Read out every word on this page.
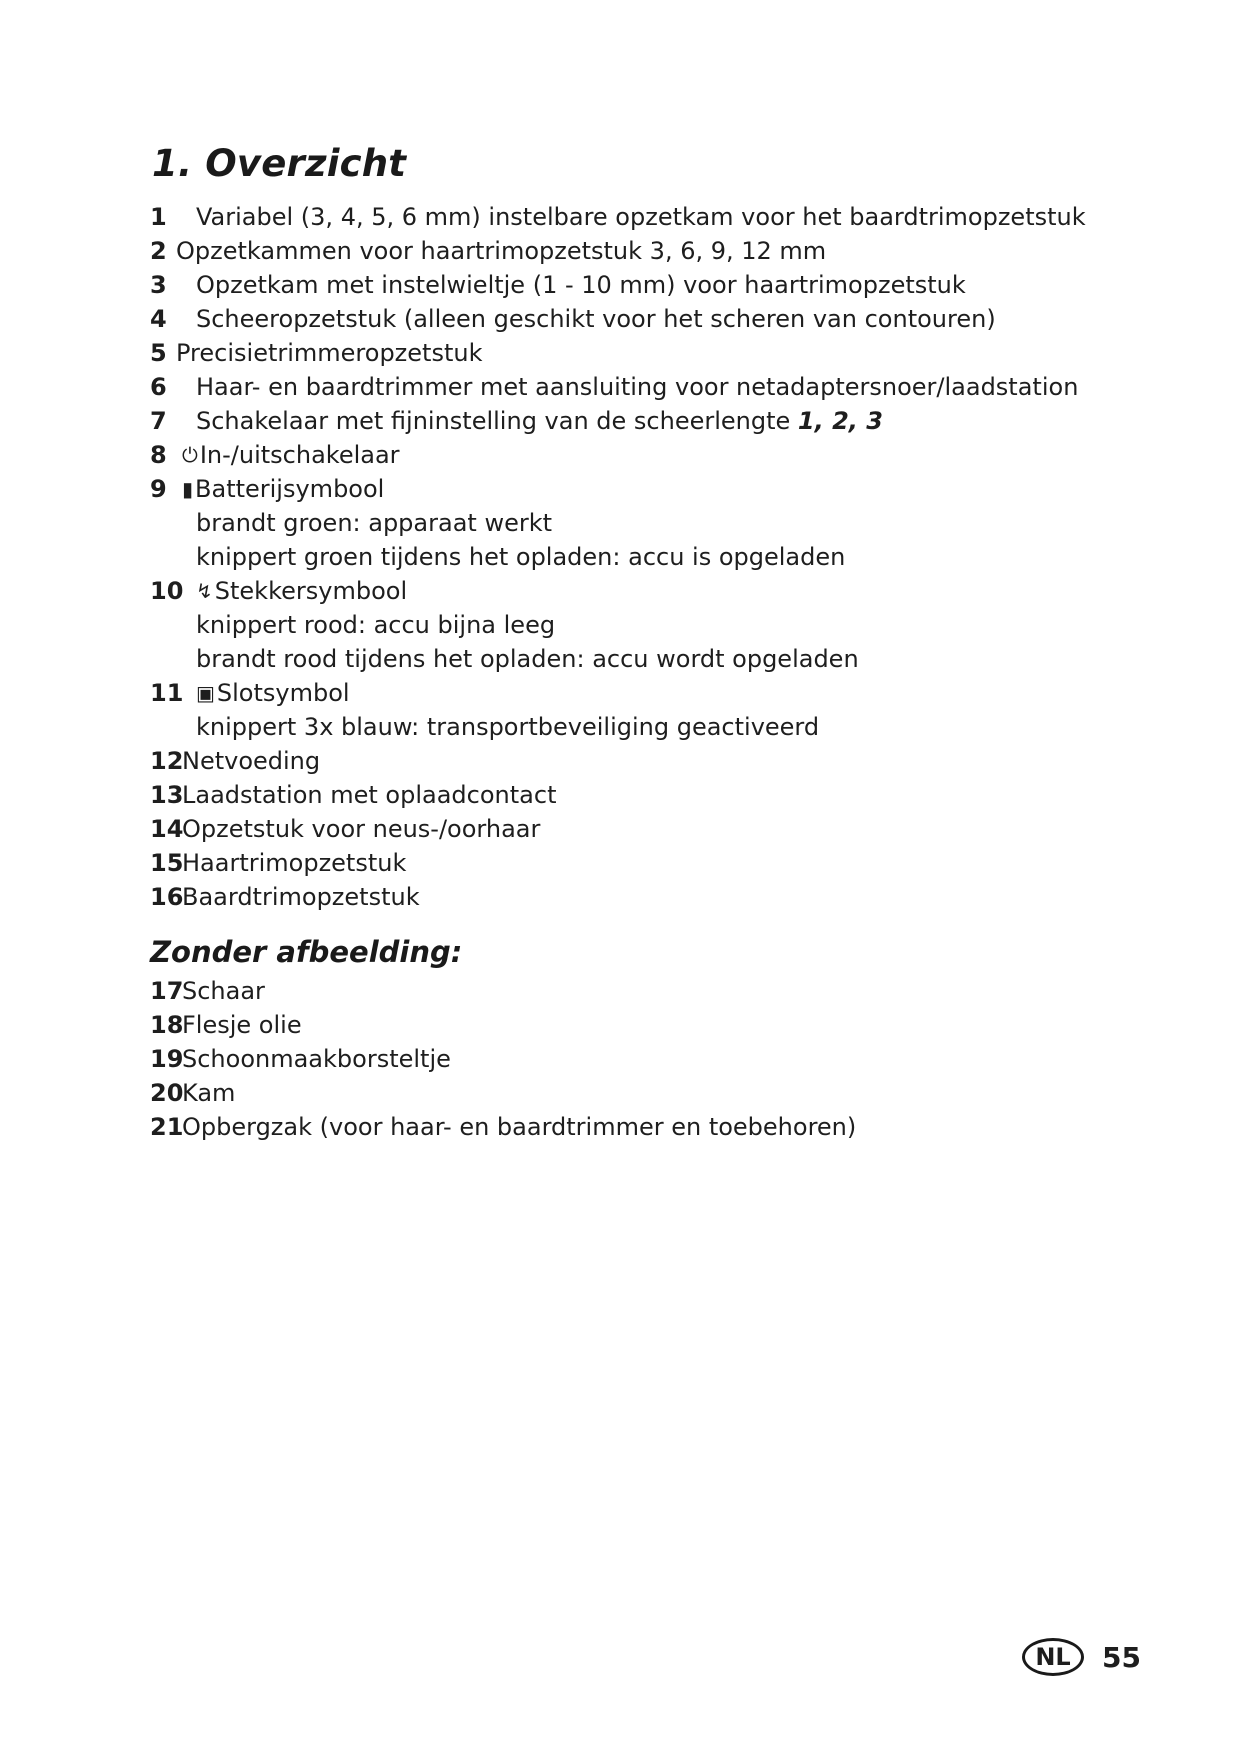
1. Overzicht
1 Variabel (3, 4, 5, 6 mm) instelbare opzetkam voor het baardtrimopzetstuk
2 Opzetkammen voor haartrimopzetstuk 3, 6, 9, 12 mm
3 Opzetkam met instelwieltje (1 - 10 mm) voor haartrimopzetstuk
4 Scheeropzetstuk (alleen geschikt voor het scheren van contouren)
5 Precisietrimmeropzetstuk
6 Haar- en baardtrimmer met aansluiting voor netadaptersnoer/laadstation
7 Schakelaar met fijninstelling van de scheerlengte 1, 2, 3
8 ⏻In-/uitschakelaar
9 ▮Batterijsymbool
brandt groen: apparaat werkt
knippert groen tijdens het opladen: accu is opgeladen
10 ↯Stekkersymbool
knippert rood: accu bijna leeg
brandt rood tijdens het opladen: accu wordt opgeladen
11 ▣Slotsymbol
knippert 3x blauw: transportbeveiliging geactiveerd
12
Netvoeding
13
Laadstation met oplaadcontact
14
Opzetstuk voor neus-/oorhaar
15
Haartrimopzetstuk
16
Baardtrimopzetstuk
Zonder afbeelding:
17
Schaar
18
Flesje olie
19
Schoonmaakborsteltje
20
Kam
21
Opbergzak (voor haar- en baardtrimmer en toebehoren)
NL	55
